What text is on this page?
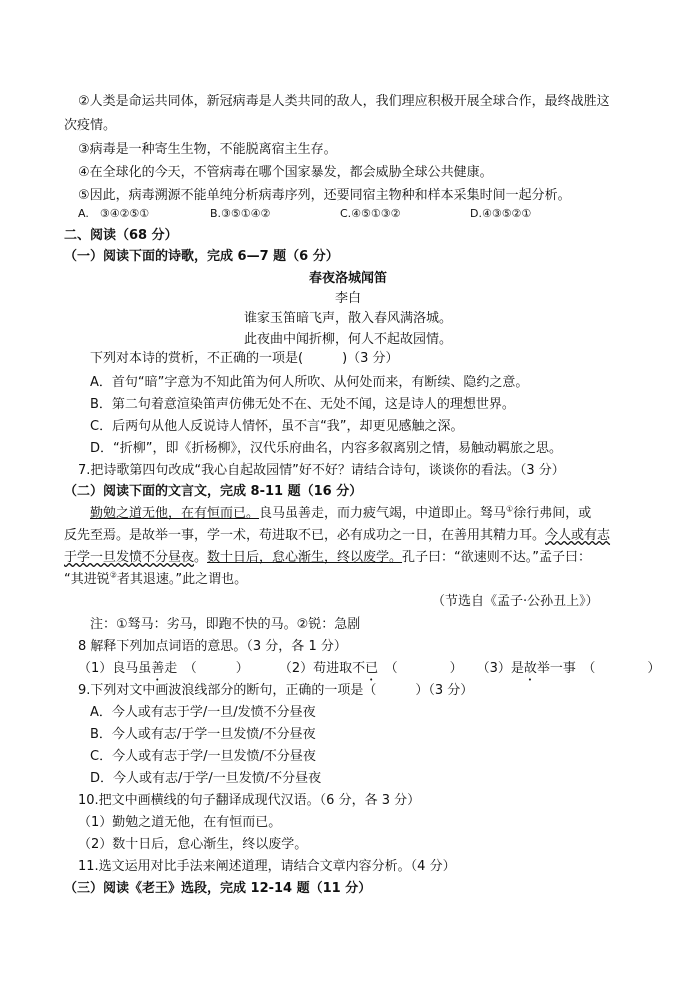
②人类是命运共同体，新冠病毒是人类共同的敌人，我们理应积极开展全球合作，最终战胜这
次疫情。
③病毒是一种寄生生物，不能脱离宿主生存。
④在全球化的今天，不管病毒在哪个国家暴发，都会威胁全球公共健康。
⑤因此，病毒溯源不能单纯分析病毒序列，还要同宿主物种和样本采集时间一起分析。
A.　③④②⑤①	B.③⑤①④②	C.④⑤①③②	D.④③⑤②①
二、阅读（68 分）
（一）阅读下面的诗歌，完成 6—7 题（6 分）
春夜洛城闻笛
李白
谁家玉笛暗飞声，散入春风满洛城。
此夜曲中闻折柳，何人不起故园情。
下列对本诗的赏析，不正确的一项是(　　　)（3 分）
A．首句“暗”字意为不知此笛为何人所吹、从何处而来，有断续、隐约之意。
B．第二句着意渲染笛声仿佛无处不在、无处不闻，这是诗人的理想世界。
C．后两句从他人反说诗人情怀，虽不言“我”，却更见感触之深。
D．“折柳”，即《折杨柳》，汉代乐府曲名，内容多叙离别之情，易触动羁旅之思。
7.把诗歌第四句改成“我心自起故园情”好不好？请结合诗句，谈谈你的看法。（3 分）
（二）阅读下面的文言文，完成 8-11 题（16 分）
勤勉之道无他，在有恒而已。良马虽善走，而力疲气竭，中道即止。驽马①徐行弗间，或
反先至焉。是故举一事，学一术，苟进取不已，必有成功之一日，在善用其精力耳。今人或有志
于学一旦发愤不分昼夜。数十日后，怠心渐生，终以废学。孔子曰：“欲速则不达。”孟子曰：
“其进锐②者其退速。”此之谓也。
（节选自《孟子·公孙丑上》）
注：①驽马：劣马，即跑不快的马。②锐：急剧
8 解释下列加点词语的意思。（3 分，各 1 分）
（1）良马虽善走　（　　　） （2）苟进取不已　（　　　　） （3）是故举一事　（　　　　）
9.下列对文中画波浪线部分的断句，正确的一项是（　　　）（3 分）
A．今人或有志于学/一旦/发愤不分昼夜
B．今人或有志/于学一旦发愤/不分昼夜
C．今人或有志于学/一旦发愤/不分昼夜
D．今人或有志/于学/一旦发愤/不分昼夜
10.把文中画横线的句子翻译成现代汉语。（6 分，各 3 分）
（1）勤勉之道无他，在有恒而已。
（2）数十日后，怠心渐生，终以废学。
11.选文运用对比手法来阐述道理，请结合文章内容分析。（4 分）
（三）阅读《老王》选段，完成 12-14 题（11 分）
